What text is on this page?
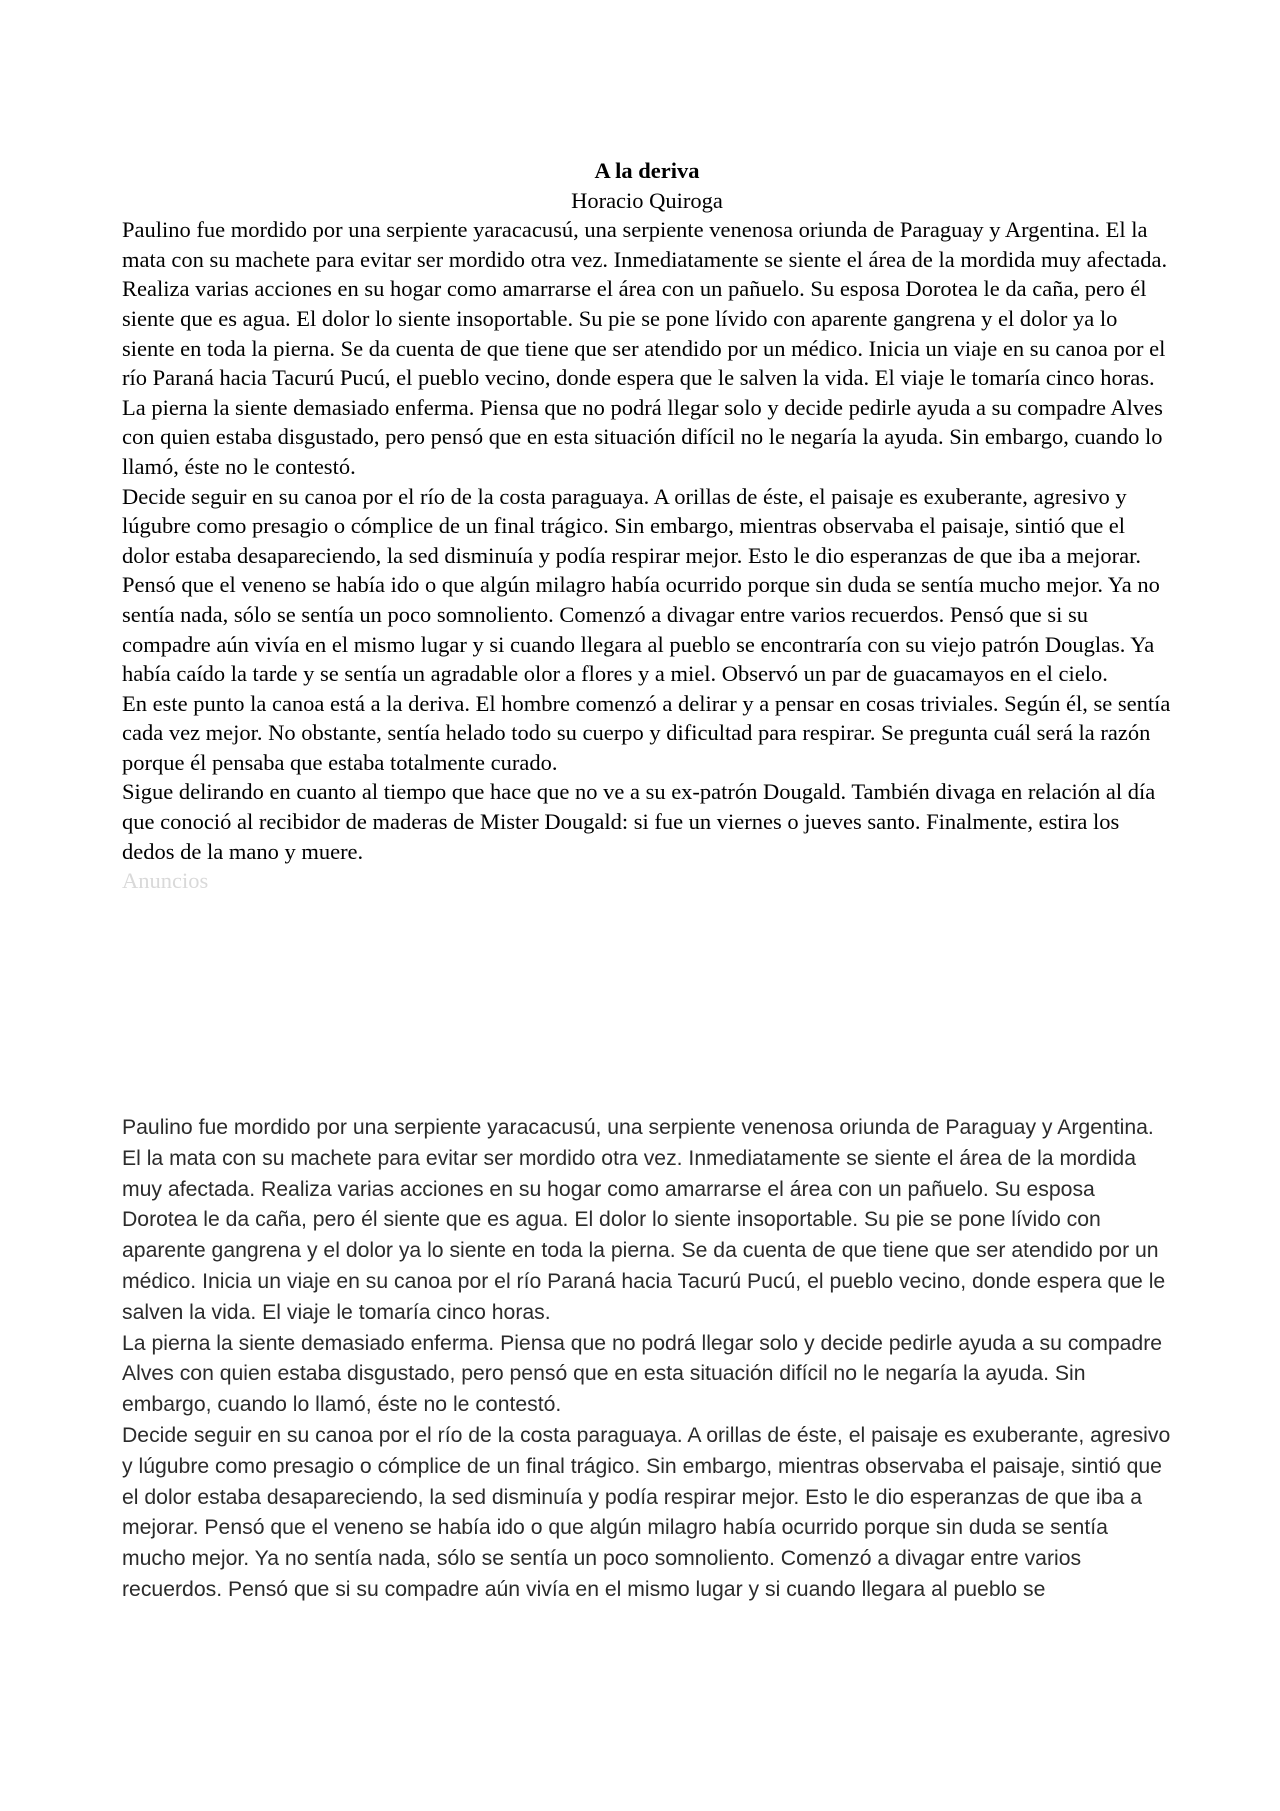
A la deriva

Horacio Quiroga

Paulino fue mordido por una serpiente yaracacusú, una serpiente venenosa oriunda de Paraguay y Argentina. El la mata con su machete para evitar ser mordido otra vez. Inmediatamente se siente el área de la mordida muy afectada. Realiza varias acciones en su hogar como amarrarse el área con un pañuelo. Su esposa Dorotea le da caña, pero él siente que es agua. El dolor lo siente insoportable. Su pie se pone lívido con aparente gangrena y el dolor ya lo siente en toda la pierna. Se da cuenta de que tiene que ser atendido por un médico. Inicia un viaje en su canoa por el río Paraná hacia Tacurú Pucú, el pueblo vecino, donde espera que le salven la vida. El viaje le tomaría cinco horas.

La pierna la siente demasiado enferma. Piensa que no podrá llegar solo y decide pedirle ayuda a su compadre Alves con quien estaba disgustado, pero pensó que en esta situación difícil no le negaría la ayuda. Sin embargo, cuando lo llamó, éste no le contestó.

Decide seguir en su canoa por el río de la costa paraguaya. A orillas de éste, el paisaje es exuberante, agresivo y lúgubre como presagio o cómplice de un final trágico. Sin embargo, mientras observaba el paisaje, sintió que el dolor estaba desapareciendo, la sed disminuía y podía respirar mejor. Esto le dio esperanzas de que iba a mejorar. Pensó que el veneno se había ido o que algún milagro había ocurrido porque sin duda se sentía mucho mejor. Ya no sentía nada, sólo se sentía un poco somnoliento. Comenzó a divagar entre varios recuerdos. Pensó que si su compadre aún vivía en el mismo lugar y si cuando llegara al pueblo se encontraría con su viejo patrón Douglas. Ya había caído la tarde y se sentía un agradable olor a flores y a miel. Observó un par de guacamayos en el cielo.

En este punto la canoa está a la deriva. El hombre comenzó a delirar y a pensar en cosas triviales. Según él, se sentía cada vez mejor. No obstante, sentía helado todo su cuerpo y dificultad para respirar. Se pregunta cuál será la razón porque él pensaba que estaba totalmente curado.

Sigue delirando en cuanto al tiempo que hace que no ve a su ex-patrón Dougald. También divaga en relación al día que conoció al recibidor de maderas de Mister Dougald: si fue un viernes o jueves santo. Finalmente, estira los dedos de la mano y muere.

Anuncios

Paulino fue mordido por una serpiente yaracacusú, una serpiente venenosa oriunda de Paraguay y Argentina. El la mata con su machete para evitar ser mordido otra vez. Inmediatamente se siente el área de la mordida muy afectada. Realiza varias acciones en su hogar como amarrarse el área con un pañuelo. Su esposa Dorotea le da caña, pero él siente que es agua. El dolor lo siente insoportable. Su pie se pone lívido con aparente gangrena y el dolor ya lo siente en toda la pierna. Se da cuenta de que tiene que ser atendido por un médico. Inicia un viaje en su canoa por el río Paraná hacia Tacurú Pucú, el pueblo vecino, donde espera que le salven la vida. El viaje le tomaría cinco horas.

La pierna la siente demasiado enferma. Piensa que no podrá llegar solo y decide pedirle ayuda a su compadre Alves con quien estaba disgustado, pero pensó que en esta situación difícil no le negaría la ayuda. Sin embargo, cuando lo llamó, éste no le contestó.

Decide seguir en su canoa por el río de la costa paraguaya. A orillas de éste, el paisaje es exuberante, agresivo y lúgubre como presagio o cómplice de un final trágico. Sin embargo, mientras observaba el paisaje, sintió que el dolor estaba desapareciendo, la sed disminuía y podía respirar mejor. Esto le dio esperanzas de que iba a mejorar. Pensó que el veneno se había ido o que algún milagro había ocurrido porque sin duda se sentía mucho mejor. Ya no sentía nada, sólo se sentía un poco somnoliento. Comenzó a divagar entre varios recuerdos. Pensó que si su compadre aún vivía en el mismo lugar y si cuando llegara al pueblo se
